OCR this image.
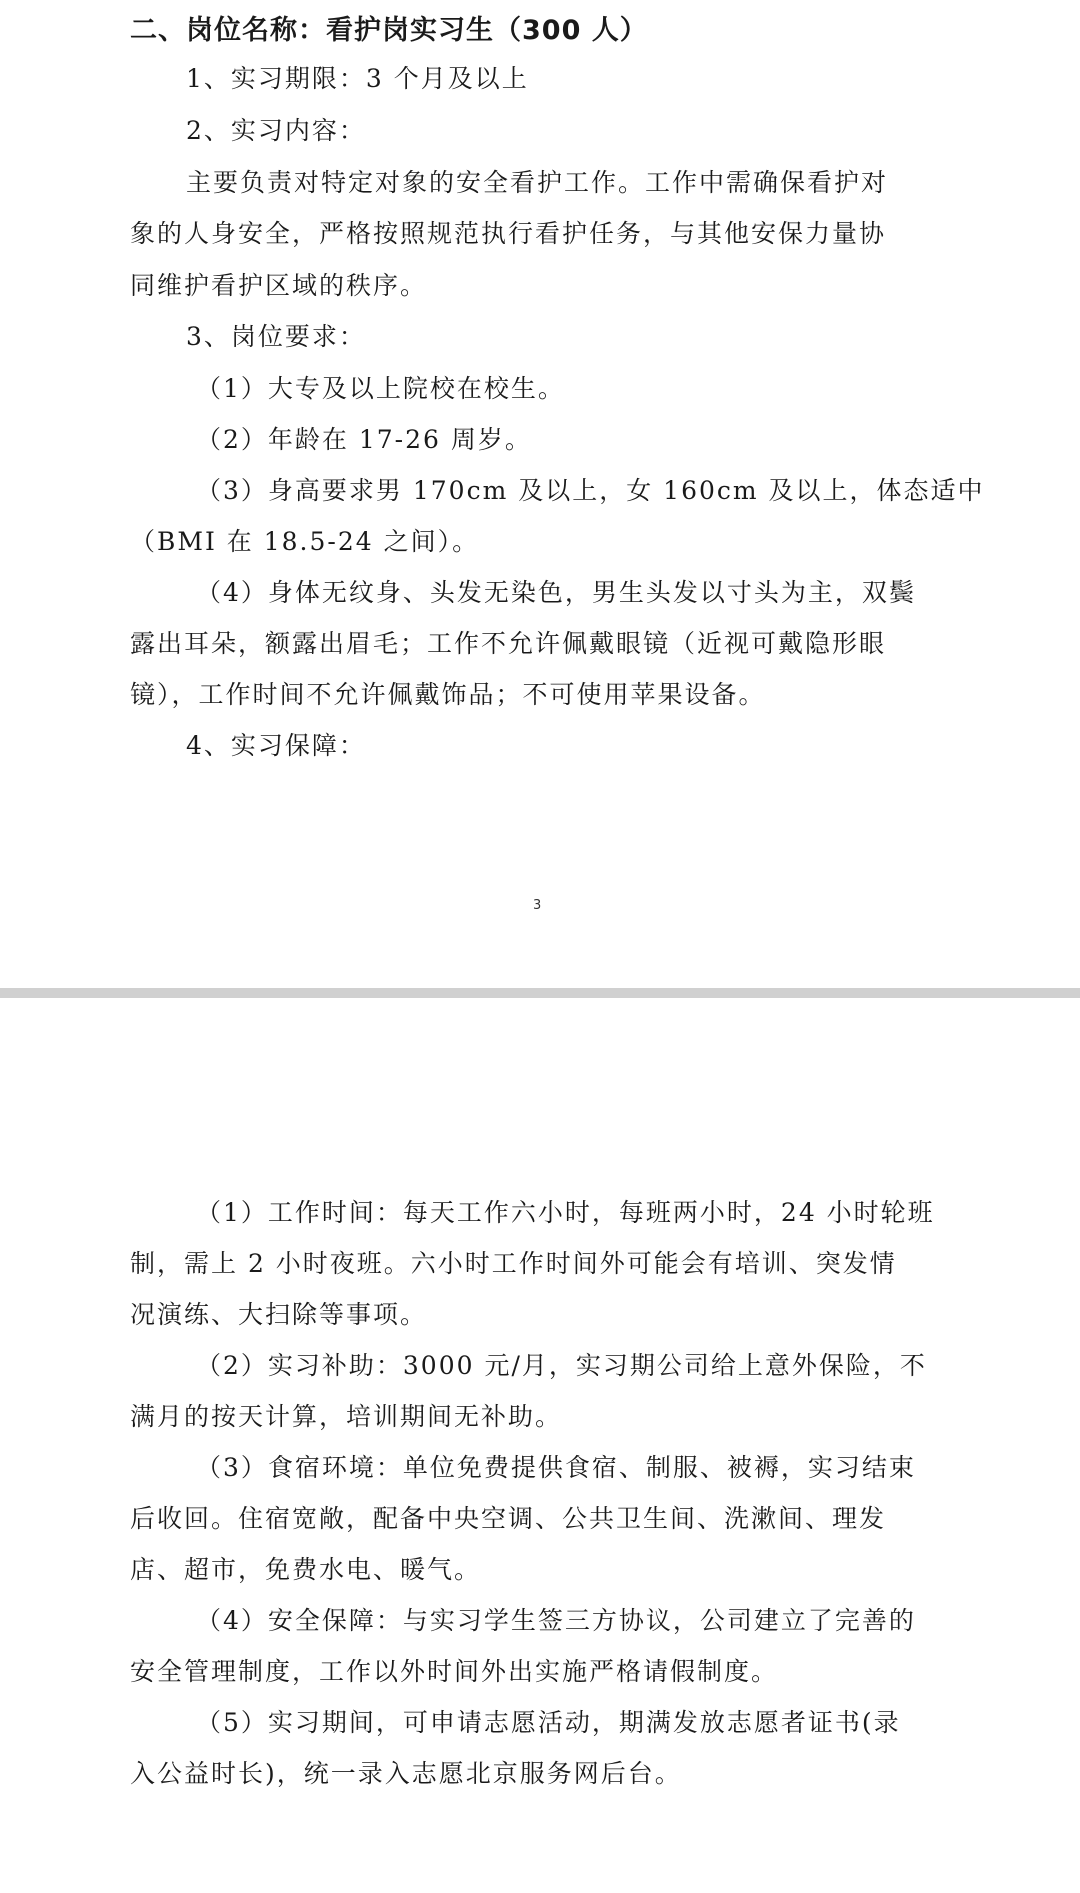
二、岗位名称：看护岗实习生（300 人）
1、实习期限：3 个月及以上
2、实习内容：
主要负责对特定对象的安全看护工作。工作中需确保看护对
象的人身安全，严格按照规范执行看护任务，与其他安保力量协
同维护看护区域的秩序。
3、岗位要求：
（1）大专及以上院校在校生。
（2）年龄在 17-26 周岁。
（3）身高要求男 170cm 及以上，女 160cm 及以上，体态适中
（BMI 在 18.5-24 之间）。
（4）身体无纹身、头发无染色，男生头发以寸头为主，双鬓
露出耳朵，额露出眉毛；工作不允许佩戴眼镜（近视可戴隐形眼
镜），工作时间不允许佩戴饰品；不可使用苹果设备。
4、实习保障：
3
（1）工作时间：每天工作六小时，每班两小时，24 小时轮班
制，需上 2 小时夜班。六小时工作时间外可能会有培训、突发情
况演练、大扫除等事项。
（2）实习补助：3000 元/月，实习期公司给上意外保险，不
满月的按天计算，培训期间无补助。
（3）食宿环境：单位免费提供食宿、制服、被褥，实习结束
后收回。住宿宽敞，配备中央空调、公共卫生间、洗漱间、理发
店、超市，免费水电、暖气。
（4）安全保障：与实习学生签三方协议，公司建立了完善的
安全管理制度，工作以外时间外出实施严格请假制度。
（5）实习期间，可申请志愿活动，期满发放志愿者证书(录
入公益时长)，统一录入志愿北京服务网后台。
